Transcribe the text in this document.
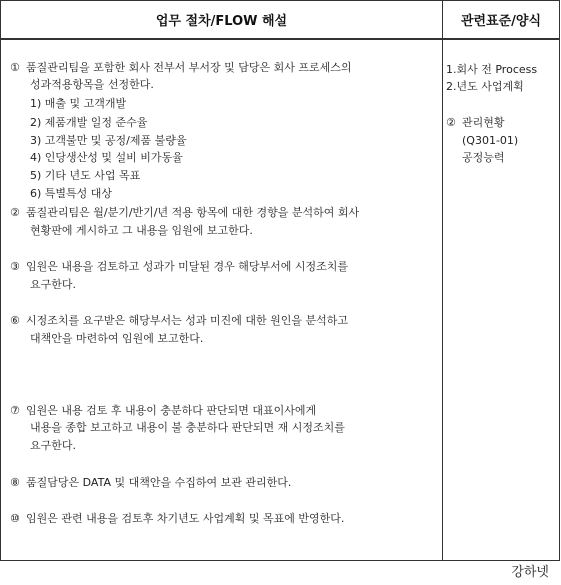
업무 절차/FLOW 해설	관련표준/양식
① 품질관리팀을 포함한 회사 전부서 부서장 및 담당은 회사 프로세스의
성과적용항목을 선정한다.
1) 매출 및 고객개발
2) 제품개발 일정 준수율
3) 고객불만 및 공정/제품 불량율
4) 인당생산성 및 설비 비가동율
5) 기타 년도 사업 목표
6) 특별특성 대상
② 품질관리팀은 월/분기/반기/년 적용 항목에 대한 경향을 분석하여 회사
현황판에 게시하고 그 내용을 임원에 보고한다.
③ 임원은 내용을 검토하고 성과가 미달된 경우 해당부서에 시정조치를
요구한다.
⑥ 시정조치를 요구받은 해당부서는 성과 미진에 대한 원인을 분석하고
대책안을 마련하여 임원에 보고한다.
⑦ 임원은 내용 검토 후 내용이 충분하다 판단되면 대표이사에게
내용을 종합 보고하고 내용이 불 충분하다 판단되면 재 시정조치를
요구한다.
⑧ 품질담당은 DATA 및 대책안을 수집하여 보관 관리한다.
⑩ 임원은 관련 내용을 검토후 차기년도 사업계획 및 목표에 반영한다.
1.회사 전 Process
2.년도 사업계획
② 관리현황
(Q301-01)
공정능력
강하넷
